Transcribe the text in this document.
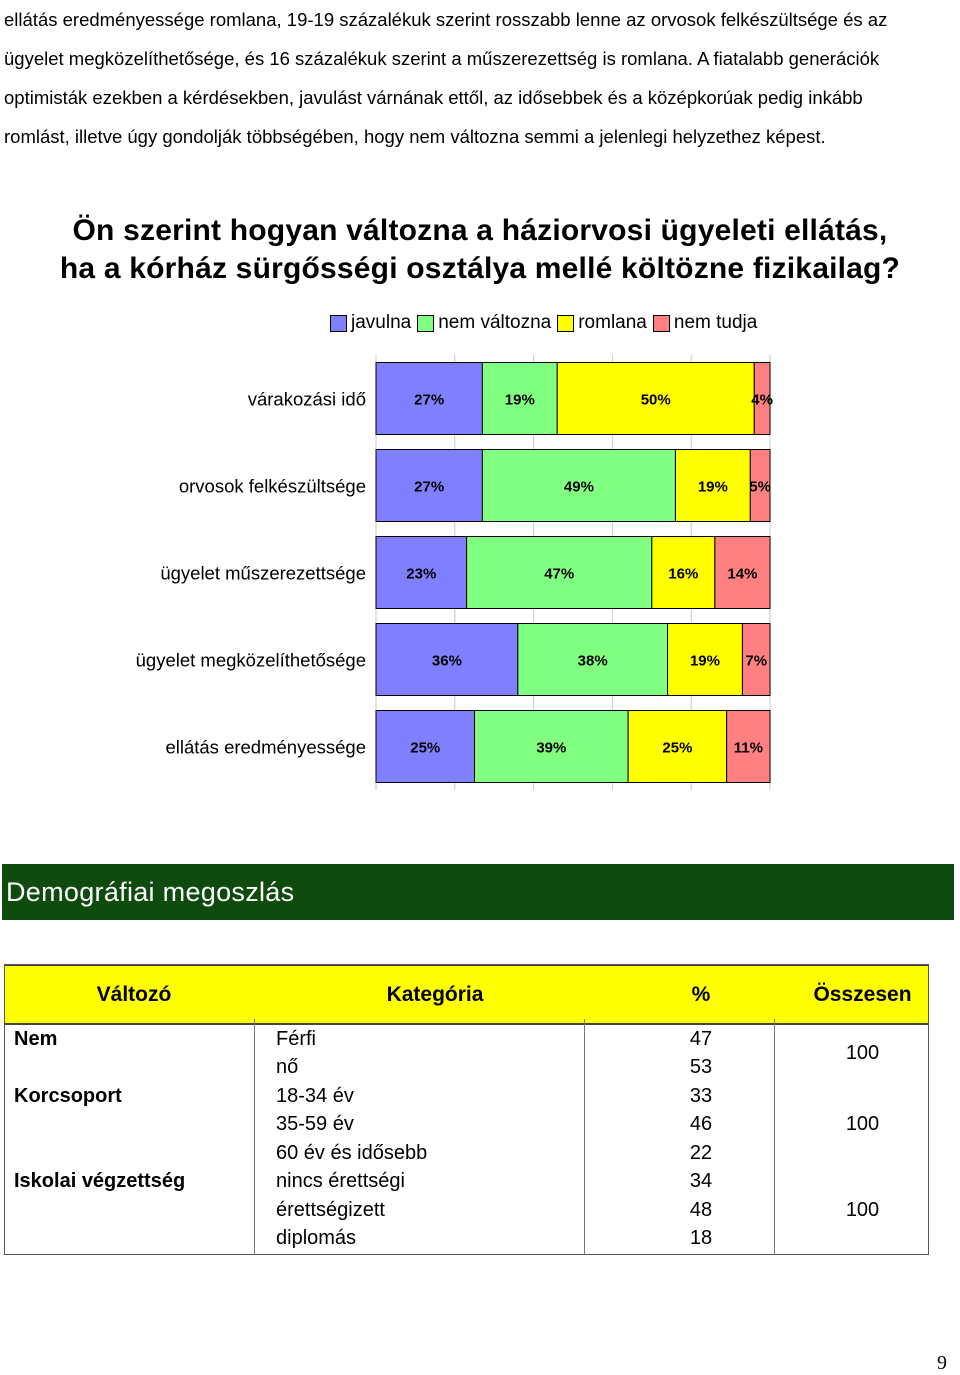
ellátás eredményessége romlana, 19-19 százalékuk szerint rosszabb lenne az orvosok felkészültsége és az

ügyelet megközelíthetősége, és 16 százalékuk szerint a műszerezettség is romlana. A fiatalabb generációk

optimisták ezekben a kérdésekben, javulást várnának ettől, az idősebbek és a középkorúak pedig inkább

romlást, illetve úgy gondolják többségében, hogy nem változna semmi a jelenlegi helyzethez képest.

Ön szerint hogyan változna a háziorvosi ügyeleti ellátás,
ha a kórház sürgősségi osztálya mellé költözne fizikailag?
javulna nem változna romlana nem tudja
várakozási idő	27%	19%	50%	4%
orvosok felkészültsége	27%	49%	19% 5%
ügyelet műszerezettsége	23%	47%	16% 14%
ügyelet megközelíthetősége	36%	38%	19% 7%
ellátás eredményessége	25%	39%	25%	11%
Demográfiai megoszlás
Változó	Kategória	%	Összesen
Nem	Férfi	47	100
	nő	53	
Korcsoport	18-34 év	33	100
	35-59 év	46	
	60 év és idősebb	22	
Iskolai végzettség	nincs érettségi	34	100
	érettségizett	48	
	diplomás	18	
9
